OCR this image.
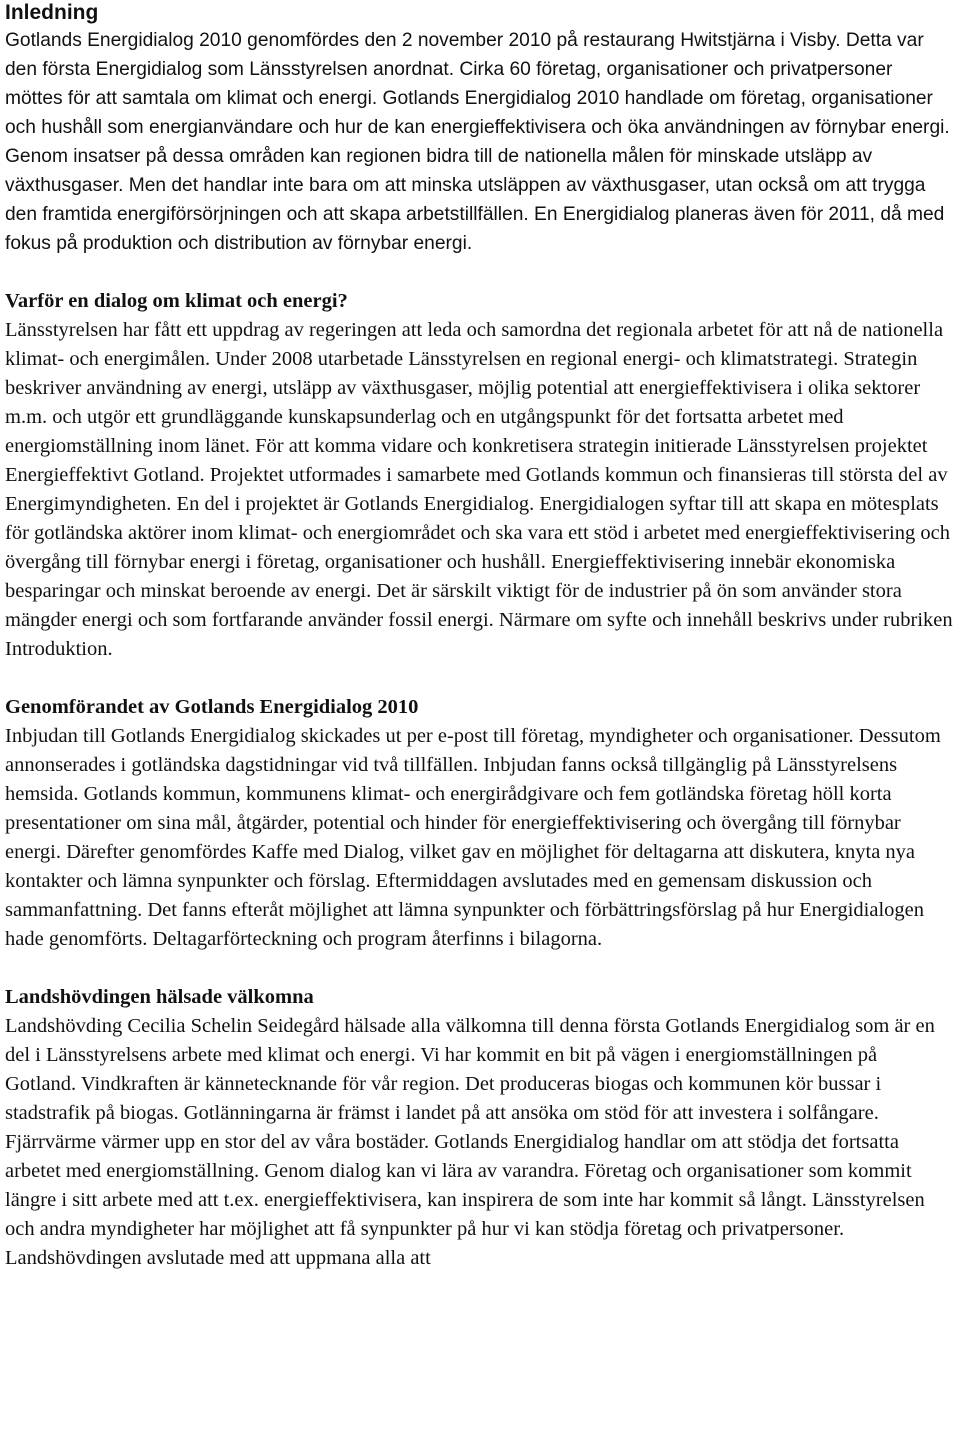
Inledning

Gotlands Energidialog 2010 genomfördes den 2 november 2010 på restaurang Hwitstjärna i Visby. Detta var den första Energidialog som Länsstyrelsen anordnat. Cirka 60 företag, organisationer och privatpersoner möttes för att samtala om klimat och energi. Gotlands Energidialog 2010 handlade om företag, organisationer och hushåll som energianvändare och hur de kan energieffektivisera och öka användningen av förnybar energi. Genom insatser på dessa områden kan regionen bidra till de nationella målen för minskade utsläpp av växthusgaser. Men det handlar inte bara om att minska utsläppen av växthusgaser, utan också om att trygga den framtida energiförsörjningen och att skapa arbetstillfällen. En Energidialog planeras även för 2011, då med fokus på produktion och distribution av förnybar energi.

Varför en dialog om klimat och energi?

Länsstyrelsen har fått ett uppdrag av regeringen att leda och samordna det regionala arbetet för att nå de nationella klimat- och energimålen. Under 2008 utarbetade Länsstyrelsen en regional energi- och klimatstrategi. Strategin beskriver användning av energi, utsläpp av växthusgaser, möjlig potential att energieffektivisera i olika sektorer m.m. och utgör ett grundläggande kunskapsunderlag och en utgångspunkt för det fortsatta arbetet med energiomställning inom länet. För att komma vidare och konkretisera strategin initierade Länsstyrelsen projektet Energieffektivt Gotland. Projektet utformades i samarbete med Gotlands kommun och finansieras till största del av Energimyndigheten. En del i projektet är Gotlands Energidialog. Energidialogen syftar till att skapa en mötesplats för gotländska aktörer inom klimat- och energiområdet och ska vara ett stöd i arbetet med energieffektivisering och övergång till förnybar energi i företag, organisationer och hushåll. Energieffektivisering innebär ekonomiska besparingar och minskat beroende av energi. Det är särskilt viktigt för de industrier på ön som använder stora mängder energi och som fortfarande använder fossil energi. Närmare om syfte och innehåll beskrivs under rubriken Introduktion.

Genomförandet av Gotlands Energidialog 2010

Inbjudan till Gotlands Energidialog skickades ut per e-post till företag, myndigheter och organisationer. Dessutom annonserades i gotländska dagstidningar vid två tillfällen. Inbjudan fanns också tillgänglig på Länsstyrelsens hemsida. Gotlands kommun, kommunens klimat- och energirådgivare och fem gotländska företag höll korta presentationer om sina mål, åtgärder, potential och hinder för energieffektivisering och övergång till förnybar energi. Därefter genomfördes Kaffe med Dialog, vilket gav en möjlighet för deltagarna att diskutera, knyta nya kontakter och lämna synpunkter och förslag. Eftermiddagen avslutades med en gemensam diskussion och sammanfattning. Det fanns efteråt möjlighet att lämna synpunkter och förbättringsförslag på hur Energidialogen hade genomförts. Deltagarförteckning och program återfinns i bilagorna.

Landshövdingen hälsade välkomna

Landshövding Cecilia Schelin Seidegård hälsade alla välkomna till denna första Gotlands Energidialog som är en del i Länsstyrelsens arbete med klimat och energi. Vi har kommit en bit på vägen i energiomställningen på Gotland. Vindkraften är kännetecknande för vår region. Det produceras biogas och kommunen kör bussar i stadstrafik på biogas. Gotlänningarna är främst i landet på att ansöka om stöd för att investera i solfångare. Fjärrvärme värmer upp en stor del av våra bostäder. Gotlands Energidialog handlar om att stödja det fortsatta arbetet med energiomställning. Genom dialog kan vi lära av varandra. Företag och organisationer som kommit längre i sitt arbete med att t.ex. energieffektivisera, kan inspirera de som inte har kommit så långt. Länsstyrelsen och andra myndigheter har möjlighet att få synpunkter på hur vi kan stödja företag och privatpersoner. Landshövdingen avslutade med att uppmana alla att
